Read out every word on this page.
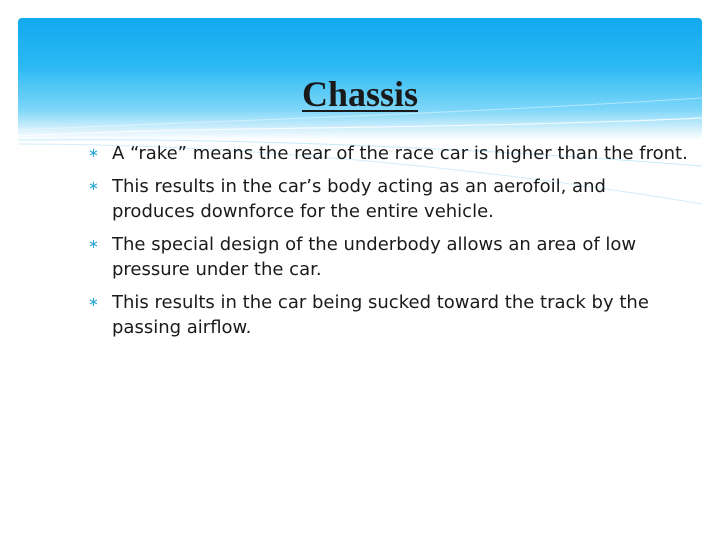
Chassis
∗ A “rake” means the rear of the race car is higher than the front.
∗ This results in the car’s body acting as an aerofoil, and produces downforce for the entire vehicle.
∗ The special design of the underbody allows an area of low pressure under the car.
∗ This results in the car being sucked toward the track by the passing airflow.
